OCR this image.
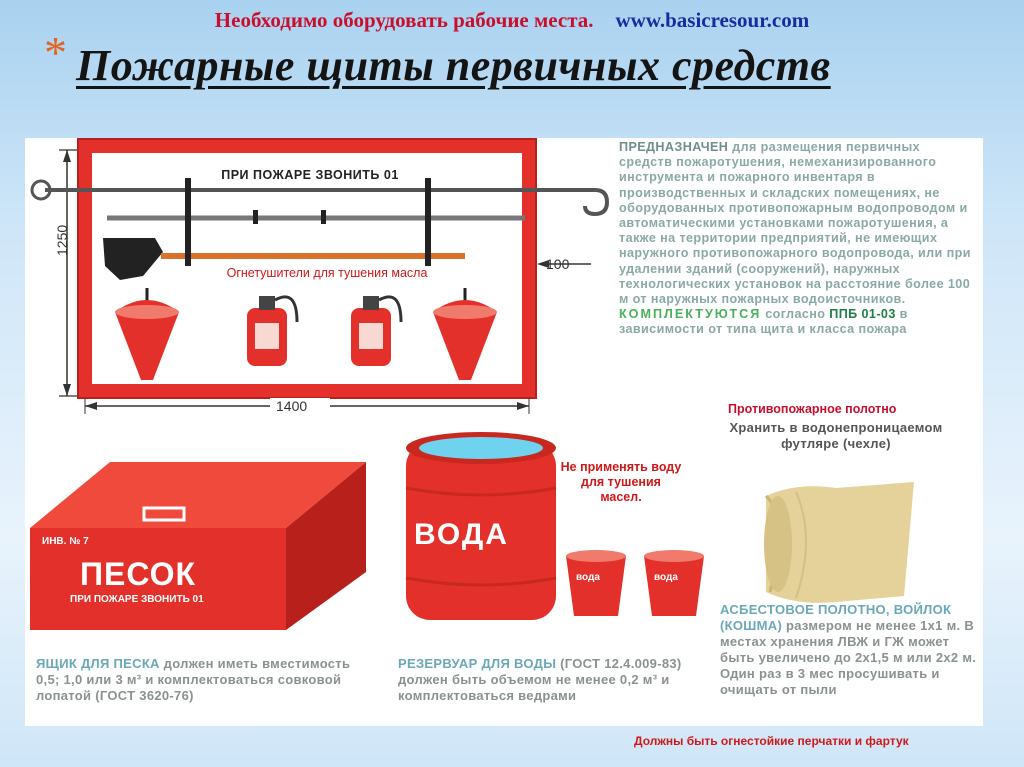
Необходимо оборудовать рабочие места. www.basicresour.com
* Пожарные щиты первичных средств
ПРИ ПОЖАРЕ ЗВОНИТЬ 01
1250
1400
100
Огнетушители для тушения масла
ПРЕДНАЗНАЧЕН для размещения первичных средств пожаротушения, немеханизированного инструмента и пожарного инвентаря в производственных и складских помещениях, не оборудованных противопожарным водопроводом и автоматическими установками пожаротушения, а также на территории предприятий, не имеющих наружного противопожарного водопровода, или при удалении зданий (сооружений), наружных технологических установок на расстояние более 100 м от наружных пожарных водоисточников. КОМПЛЕКТУЮТСЯ согласно ППБ 01-03 в зависимости от типа щита и класса пожара
ИНВ. № 7
ПЕСОК
ПРИ ПОЖАРЕ ЗВОНИТЬ 01
ЯЩИК ДЛЯ ПЕСКА должен иметь вместимость 0,5; 1,0 или 3 м³ и комплектоваться совковой лопатой (ГОСТ 3620-76)
ВОДА
вода	вода
Не применять воду для тушения масел.
РЕЗЕРВУАР ДЛЯ ВОДЫ (ГОСТ 12.4.009-83) должен быть объемом не менее 0,2 м³ и комплектоваться ведрами
Противопожарное полотно
Хранить в водонепроницаемом футляре (чехле)
АСБЕСТОВОЕ ПОЛОТНО, ВОЙЛОК (КОШМА) размером не менее 1х1 м. В местах хранения ЛВЖ и ГЖ может быть увеличено до 2х1,5 м или 2х2 м. Один раз в 3 мес просушивать и очищать от пыли
Должны быть огнестойкие перчатки и фартук
